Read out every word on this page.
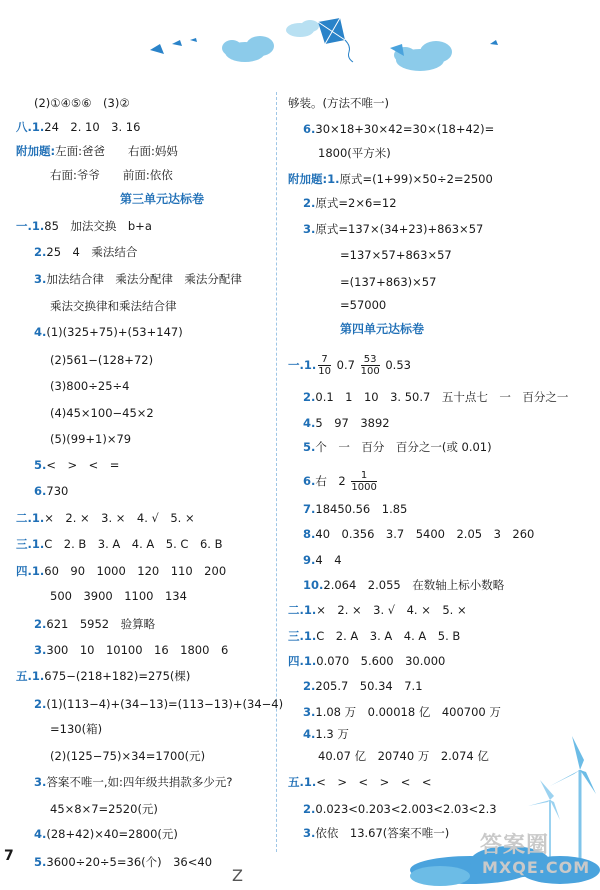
(2)①④⑤⑥　(3)②
八.1.24　2. 10　3. 16
附加题:左面:爸爸　　右面:妈妈
右面:爷爷　　前面:依依
第三单元达标卷
一.1.85　加法交换　b+a
2.25　4　乘法结合
3.加法结合律　乘法分配律　乘法分配律
乘法交换律和乘法结合律
4.(1)(325+75)+(53+147)
(2)561−(128+72)
(3)800÷25÷4
(4)45×100−45×2
(5)(99+1)×79
5.<　>　<　=
6.730
二.1.×　2. ×　3. ×　4. √　5. ×
三.1.C　2. B　3. A　4. A　5. C　6. B
四.1.60　90　1000　120　110　200
500　3900　1100　134
2.621　5952　验算略
3.300　10　10100　16　1800　6
五.1.675−(218+182)=275(棵)
2.(1)(113−4)+(34−13)=(113−13)+(34−4)
=130(箱)
(2)(125−75)×34=1700(元)
3.答案不唯一,如:四年级共捐款多少元?
45×8×7=2520(元)
4.(28+42)×40=2800(元)
5.3600÷20÷5=36(个)　36<40
够装。(方法不唯一)
6.30×18+30×42=30×(18+42)=
1800(平方米)
附加题:1.原式=(1+99)×50÷2=2500
2.原式=2×6=12
3.原式=137×(34+23)+863×57
=137×57+863×57
=(137+863)×57
=57000
第四单元达标卷
一.1. $\frac{7}{10} 0.7 \frac{53}{100} 0.53$
2.0.1　1　10　3. 50.7　五十点七　一　百分之一
4.5　97　3892
5.个　一　百分　百分之一(或 0.01)
6.右　$2 \frac{1}{1000}$
7.18450.56　1.85
8.40　0.356　3.7　5400　2.05　3　260
9.4　4
10.2.064　2.055　在数轴上标小数略
二.1.×　2. ×　3. √　4. ×　5. ×
三.1.C　2. A　3. A　4. A　5. B
四.1.0.070　5.600　30.000
2.205.7　50.34　7.1
3.1.08 万　0.00018 亿　400700 万
4.1.3 万
40.07 亿　20740 万　2.074 亿
五.1.<　>　<　>　<　<
2.0.023<0.203<2.003<2.03<2.3
3.依依　13.67(答案不唯一) 答案圈
MXQE.COM
7
Z
